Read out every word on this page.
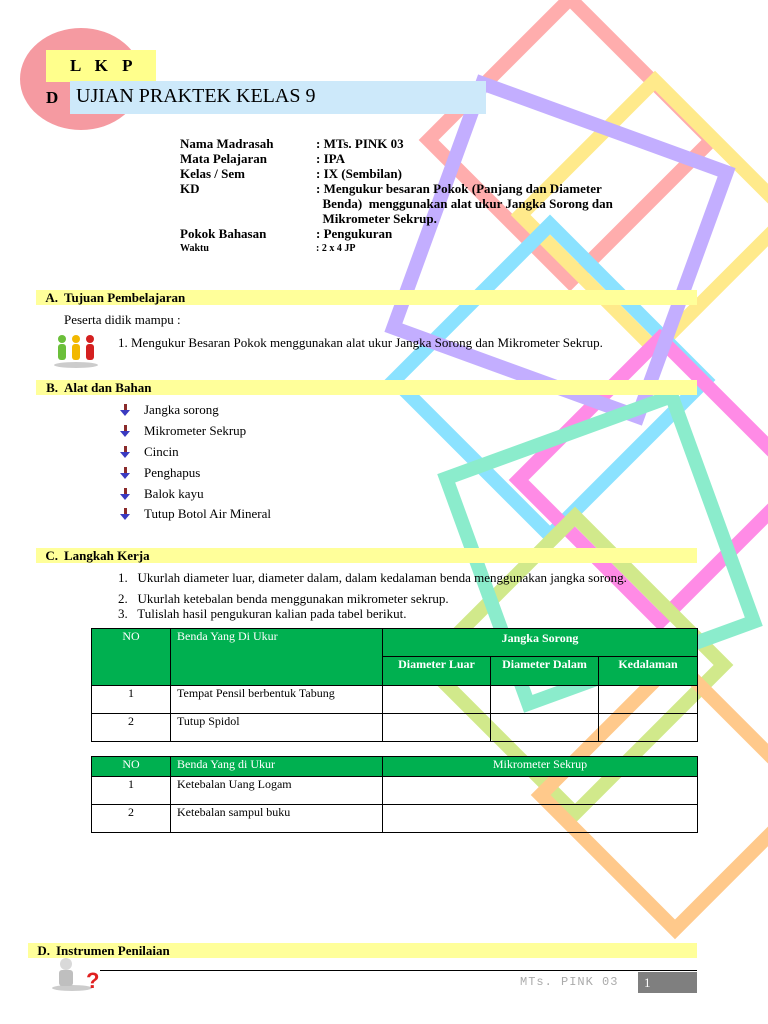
L K P D UJIAN PRAKTEK KELAS 9
Nama Madrasah	: MTs. PINK 03
Mata Pelajaran	: IPA
Kelas / Sem	: IX (Sembilan)
KD	: Mengukur besaran Pokok (Panjang dan Diameter
Benda)  menggunakan alat ukur Jangka Sorong dan
Mikrometer Sekrup.
Pokok Bahasan	: Pengukuran
Waktu	: 2 x 4 JP
A. Tujuan Pembelajaran
Peserta didik mampu :
1. Mengukur Besaran Pokok menggunakan alat ukur Jangka Sorong dan Mikrometer Sekrup.
B. Alat dan Bahan
Jangka sorong
Mikrometer Sekrup
Cincin
Penghapus
Balok kayu
Tutup Botol Air Mineral
C. Langkah Kerja
1.   Ukurlah diameter luar, diameter dalam, dalam kedalaman benda menggunakan jangka sorong.
2.   Ukurlah ketebalan benda menggunakan mikrometer sekrup.
3.   Tulislah hasil pengukuran kalian pada tabel berikut.
NO	Benda Yang Di Ukur	Jangka Sorong		
		Diameter Luar	Diameter Dalam	Kedalaman
1	Tempat Pensil berbentuk Tabung			
2	Tutup Spidol			
NO	Benda Yang di Ukur	Mikrometer Sekrup
1	Ketebalan Uang Logam	
2	Ketebalan sampul buku	
D. Instrumen Penilaian
?	MTs. PINK 03	1
